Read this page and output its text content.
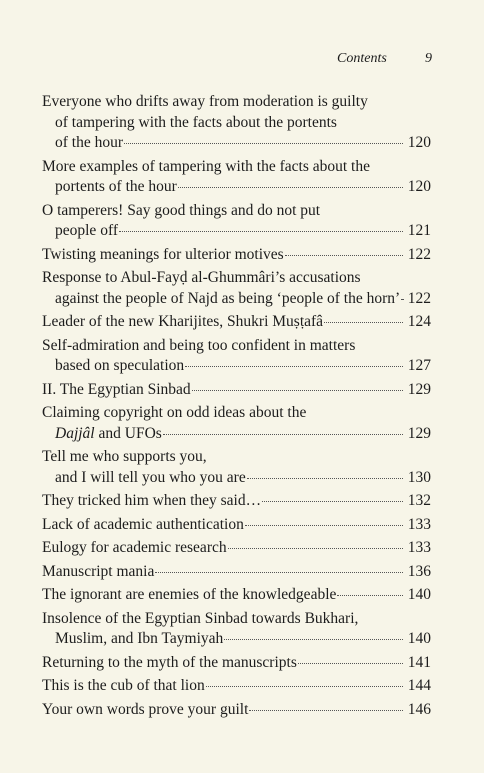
Contents	9
Everyone who drifts away from moderation is guilty
of tampering with the facts about the portents
of the hour	120
More examples of tampering with the facts about the
portents of the hour	120
O tamperers! Say good things and do not put
people off	121
Twisting meanings for ulterior motives	122
Response to Abul-Fayḍ al-Ghummâri’s accusations
against the people of Najd as being ‘people of the horn’ 122
Leader of the new Kharijites, Shukri Muṣṭafâ	124
Self-admiration and being too confident in matters
based on speculation	127
II. The Egyptian Sinbad	129
Claiming copyright on odd ideas about the
Dajjâl and UFOs	129
Tell me who supports you,
and I will tell you who you are	130
They tricked him when they said…	132
Lack of academic authentication	133
Eulogy for academic research	133
Manuscript mania	136
The ignorant are enemies of the knowledgeable	140
Insolence of the Egyptian Sinbad towards Bukhari,
Muslim, and Ibn Taymiyah	140
Returning to the myth of the manuscripts	141
This is the cub of that lion	144
Your own words prove your guilt	146
